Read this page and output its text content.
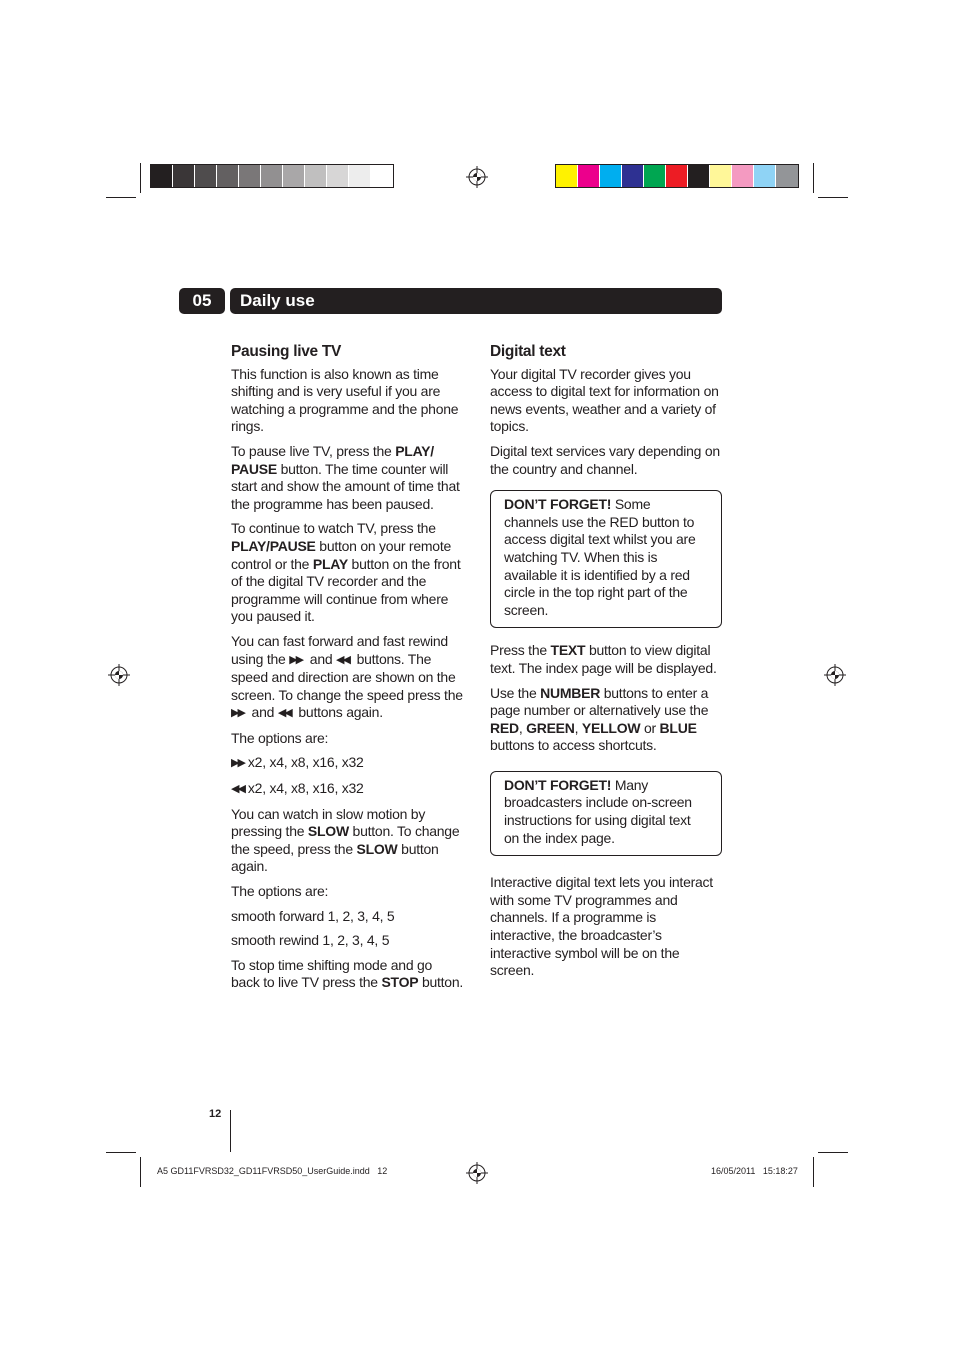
05	Daily use
Pausing live TV

This function is also known as time shifting and is very useful if you are watching a programme and the phone rings.

To pause live TV, press the PLAY/ PAUSE button. The time counter will start and show the amount of time that the programme has been paused.

To continue to watch TV, press the PLAY/PAUSE button on your remote control or the PLAY button on the front of the digital TV recorder and the programme will continue from where you paused it.

You can fast forward and fast rewind using the ▶▶ and ◀◀ buttons. The speed and direction are shown on the screen. To change the speed press the ▶▶ and ◀◀ buttons again.

The options are:

▶▶ x2, x4, x8, x16, x32

◀◀ x2, x4, x8, x16, x32

You can watch in slow motion by pressing the SLOW button. To change the speed, press the SLOW button again.

The options are:

smooth forward 1, 2, 3, 4, 5

smooth rewind 1, 2, 3, 4, 5

To stop time shifting mode and go back to live TV press the STOP button.

Digital text

Your digital TV recorder gives you access to digital text for information on news events, weather and a variety of topics.

Digital text services vary depending on the country and channel.

DON’T FORGET! Some channels use the RED button to access digital text whilst you are watching TV. When this is available it is identified by a red circle in the top right part of the screen.

Press the TEXT button to view digital text. The index page will be displayed.

Use the NUMBER buttons to enter a page number or alternatively use the RED, GREEN, YELLOW or BLUE buttons to access shortcuts.

DON’T FORGET! Many broadcasters include on-screen instructions for using digital text on the index page.

Interactive digital text lets you interact with some TV programmes and channels. If a programme is interactive, the broadcaster’s interactive symbol will be on the screen.

12
A5 GD11FVRSD32_GD11FVRSD50_UserGuide.indd   12	16/05/2011   15:18:27
